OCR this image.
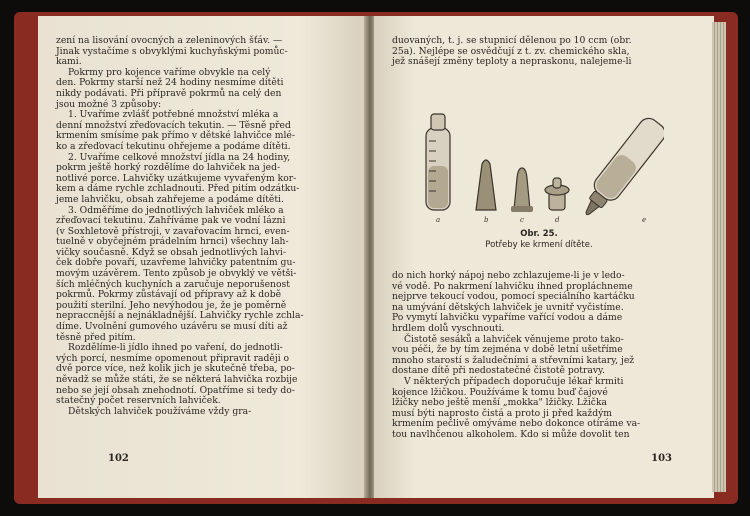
zení na lisování ovocných a zeleninových šťáv. —

Jinak vystačíme s obvyklými kuchyňskými pomůc-

kami.

Pokrmy pro kojence vaříme obvykle na celý

den. Pokrmy starší než 24 hodiny nesmíme dítěti

nikdy podávati. Při přípravě pokrmů na celý den

jsou možné 3 způsoby:

1. Uvaříme zvlášť potřebné množství mléka a

denní množství zřeďovacích tekutin. — Těsně před

krmením smísíme pak přímo v dětské lahvičce mlé-

ko a zřeďovací tekutinu ohřejeme a podáme dítěti.

2. Uvaříme celkové množství jídla na 24 hodiny,

pokrm ještě horký rozdělíme do lahviček na jed-

notlivé porce. Lahvičky uzátkujeme vyvařeným kor-

kem a dáme rychle zchladnouti. Před pitím odzátku-

jeme lahvičku, obsah zahřejeme a podáme dítěti.

3. Odměříme do jednotlivých lahviček mléko a

zřeďovací tekutinu. Zahříváme pak ve vodní lázni

(v Soxhletově přístroji, v zavařovacím hrnci, even-

tuelně v obyčejném prádelním hrnci) všechny lah-

vičky současně. Když se obsah jednotlivých lahvi-

ček dobře povaří, uzavřeme lahvičky patentním gu-

movým uzávěrem. Tento způsob je obvyklý ve větši-

ších mléčných kuchyních a zaručuje neporušenost

pokrmů. Pokrmy zůstávají od přípravy až k době

použití sterilní. Jeho nevýhodou je, že je poměrně

nepraccnější a nejnákladnější. Lahvičky rychle zchla-

díme. Uvolnění gumového uzávěru se musí díti až

těsně před pitím.

Rozdělíme-li jídlo ihned po vaření, do jednotli-

vých porcí, nesmíme opomenout připravit raději o

dvě porce více, než kolik jich je skutečně třeba, po-

něvadž se může státi, že se některá lahvička rozbije

nebo se její obsah znehodnotí. Opatříme si tedy do-

statečný počet reservních lahviček.

Dětských lahviček používáme vždy gra-

102

duovaných, t. j. se stupnicí dělenou po 10 ccm (obr.

25a). Nejlépe se osvědčují z t. zv. chemického skla,

jež snášejí změny teploty a nepraskonu, nalejeme-li

a	b	c	d	e
Obr. 25.
Potřeby ke krmení dítěte.

do nich horký nápoj nebo zchlazujeme-li je v ledo-

vé vodě. Po nakrmení lahvičku ihned propláchneme

nejprve tekoucí vodou, pomocí speciálního kartáčku

na umývání dětských lahviček je uvnitř vyčistíme.

Po vymytí lahvičku vypaříme vařící vodou a dáme

hrdlem dolů vyschnouti.

Čistotě sesáků a lahviček věnujeme proto tako-

vou péči, že by tím zejména v době letní ušetříme

mnoho starostí s žaludečními a střevními katary, jež

dostane dítě při nedostatečné čistotě potravy.

V některých případech doporučuje lékař krmiti

kojence lžičkou. Používáme k tomu buď čajové

lžičky nebo ještě menší „mokka" lžičky. Lžička

musí býti naprosto čistá a proto ji před každým

krmením pečlivě omýváme nebo dokonce otíráme va-

tou navlhčenou alkoholem. Kdo si může dovolit ten

103
